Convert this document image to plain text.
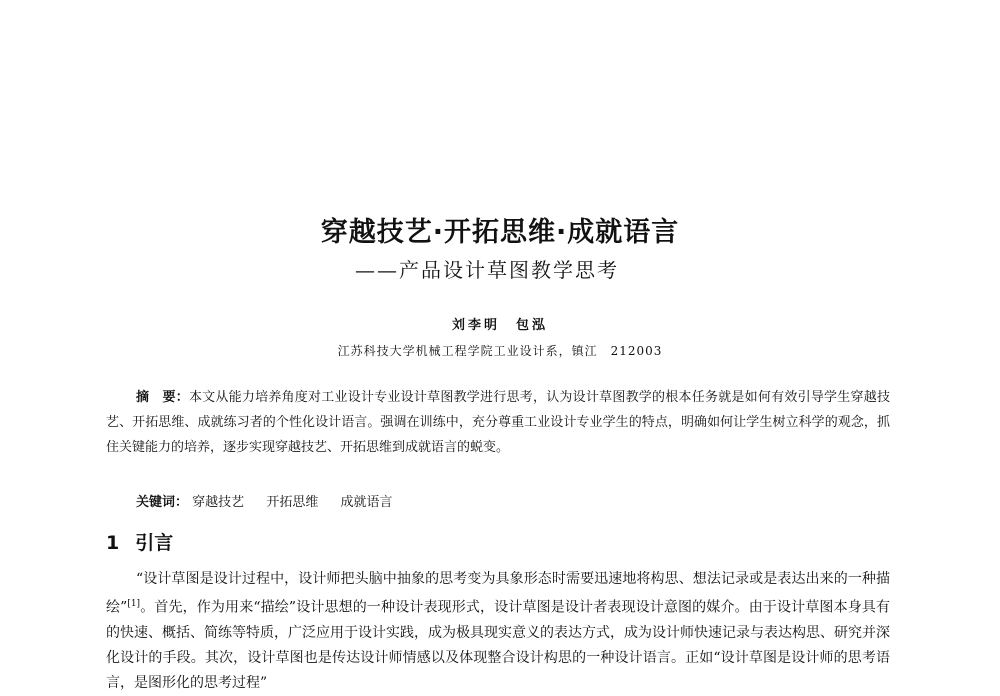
穿越技艺·开拓思维·成就语言
——产品设计草图教学思考
刘李明　包泓
江苏科技大学机械工程学院工业设计系，镇江　212003
摘　要：本文从能力培养角度对工业设计专业设计草图教学进行思考，认为设计草图教学的根本任务就是如何有效引导学生穿越技艺、开拓思维、成就练习者的个性化设计语言。强调在训练中，充分尊重工业设计专业学生的特点，明确如何让学生树立科学的观念，抓住关键能力的培养，逐步实现穿越技艺、开拓思维到成就语言的蜕变。
关键词： 穿越技艺 开拓思维 成就语言
1 引言

“设计草图是设计过程中，设计师把头脑中抽象的思考变为具象形态时需要迅速地将构思、想法记录或是表达出来的一种描绘”[1]。首先，作为用来“描绘”设计思想的一种设计表现形式，设计草图是设计者表现设计意图的媒介。由于设计草图本身具有的快速、概括、简练等特质，广泛应用于设计实践，成为极具现实意义的表达方式，成为设计师快速记录与表达构思、研究并深化设计的手段。其次，设计草图也是传达设计师情感以及体现整合设计构思的一种设计语言。正如“设计草图是设计师的思考语言，是图形化的思考过程”
